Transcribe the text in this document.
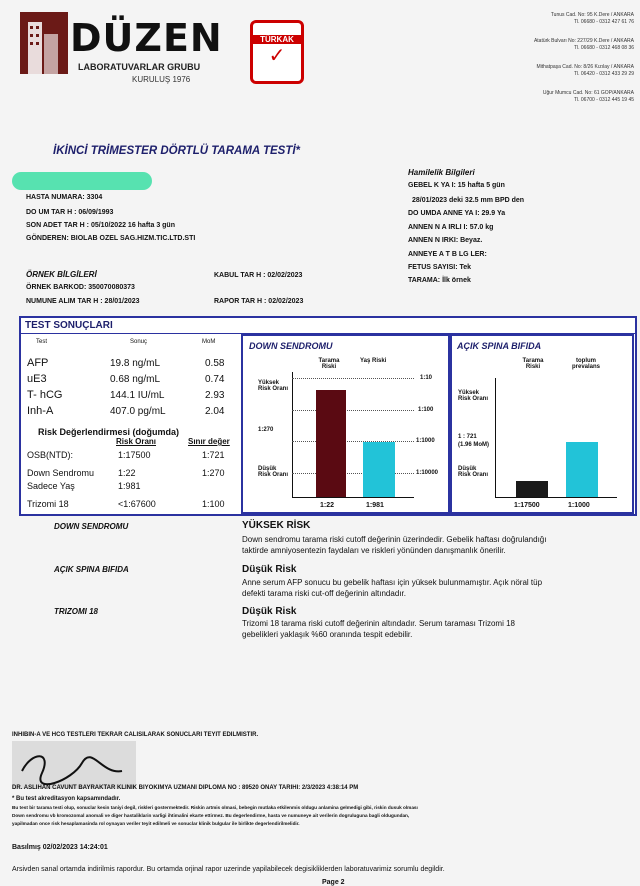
DÜZEN
LABORATUVARLAR GRUBU
KURULUŞ 1976
TÜRKAK
✓
Tunus Cad. No: 95 K.Dere / ANKARA
Tl. 06680 - 0312 427 61 76
Atatürk Bulvarı No: 227/29 K.Dere / ANKARA
Tl. 06680 - 0312 468 08 36
Mithatpaşa Cad. No: 8/26 Kızılay / ANKARA
Tl. 06420 - 0312 433 29 29
Uğur Mumcu Cad. No: 61 GOP/ANKARA
Tl. 06700 - 0312 445 19 45
İKİNCİ TRİMESTER DÖRTLÜ TARAMA TESTİ*
HASTA NUMARA: 3304
DO UM TAR H : 06/09/1993
SON ADET TAR H : 05/10/2022 16 hafta 3 gün
GÖNDEREN: BIOLAB OZEL SAG.HIZM.TIC.LTD.STI
Hamilelik Bilgileri
GEBEL K YA I: 15 hafta 5 gün
28/01/2023 deki 32.5 mm BPD den
DO UMDA ANNE YA I: 29.9 Ya
ANNEN N A IRLI I: 57.0 kg
ANNEN N IRKI: Beyaz.
ANNEYE A T B LG LER:
FETUS SAYISI: Tek
TARAMA: İlk örnek
ÖRNEK BİLGİLERİ
ÖRNEK BARKOD: 350070080373
NUMUNE ALIM TAR H : 28/01/2023
KABUL TAR H : 02/02/2023
RAPOR TAR H : 02/02/2023
TEST SONUÇLARI
Test	Sonuç	MoM
AFP	19.8 ng/mL	0.58
uE3	0.68 ng/mL	0.74
T- hCG	144.1 IU/mL	2.93
Inh-A	407.0 pg/mL	2.04
Risk Değerlendirmesi (doğumda)
Risk Oranı	Sınır değer
OSB(NTD):	1:17500	1:721
Down Sendromu	1:22	1:270
Sadece Yaş	1:981
Trizomi 18	<1:67600	1:100
DOWN SENDROMU
Tarama Riski
Yaş Riski
Yüksek Risk Oranı
1:270
Düşük Risk Oranı
1:10
1:100
1:1000
1:10000
1:22	1:981
AÇIK SPINA BIFIDA
Tarama Riski
toplum prevalans
Yüksek Risk Oranı
1 : 721
(1.96 MoM)
Düşük Risk Oranı
1:17500	1:1000
DOWN SENDROMU	YÜKSEK RİSK
Down sendromu tarama riski cutoff değerinin üzerindedir. Gebelik haftası doğrulandığı
taktirde amniyosentezin faydaları ve riskleri yönünden danışmanlık önerilir.
AÇIK SPINA BIFIDA	Düşük Risk
Anne serum AFP sonucu bu gebelik haftası için yüksek bulunmamıştır. Açık nöral tüp
defekti tarama riski cut-off değerinin altındadır.
TRIZOMI 18	Düşük Risk
Trizomi 18 tarama riski cutoff değerinin altındadır. Serum taraması Trizomi 18
gebelikleri yaklaşık %60 oranında tespit edebilir.
INHIBIN-A VE HCG TESTLERI TEKRAR CALISILARAK SONUCLARI TEYIT EDILMISTIR.
DR. ASLIHAN CAVUNT BAYRAKTAR KLINIK BIYOKIMYA UZMANI DIPLOMA NO : 89520 ONAY TARIHI: 2/3/2023 4:38:14 PM
* Bu test akreditasyon kapsamındadır.
Bu test bir tarama testi olup, sonuclar kesin taniyi degil, riskleri gostermektedir. Riskin artmis olmasi, bebegin mutlaka etkilenmis oldugu anlamina gelmedigi gibi, riskin dusuk olması
Down sendromu vb kromozomal anomali ve diger hastaliklarin varligi ihtimalini ekarte ettirmez. Bu degerlendirme, hasta ve numuneye ait verilerin dogruluguna bagli oldugundan,
yapilmadan once risk hesaplamasinda rol oynayan veriler teyit edilmeli ve sonuclar klinik bulgular ile birlikte degerlendirilmelidir.
Basılmış 02/02/2023 14:24:01
Arsivden sanal ortamda indirilmis rapordur. Bu ortamda orjinal rapor uzerinde yapilabilecek degisikliklerden laboratuvarimiz sorumlu degildir.
Page 2
